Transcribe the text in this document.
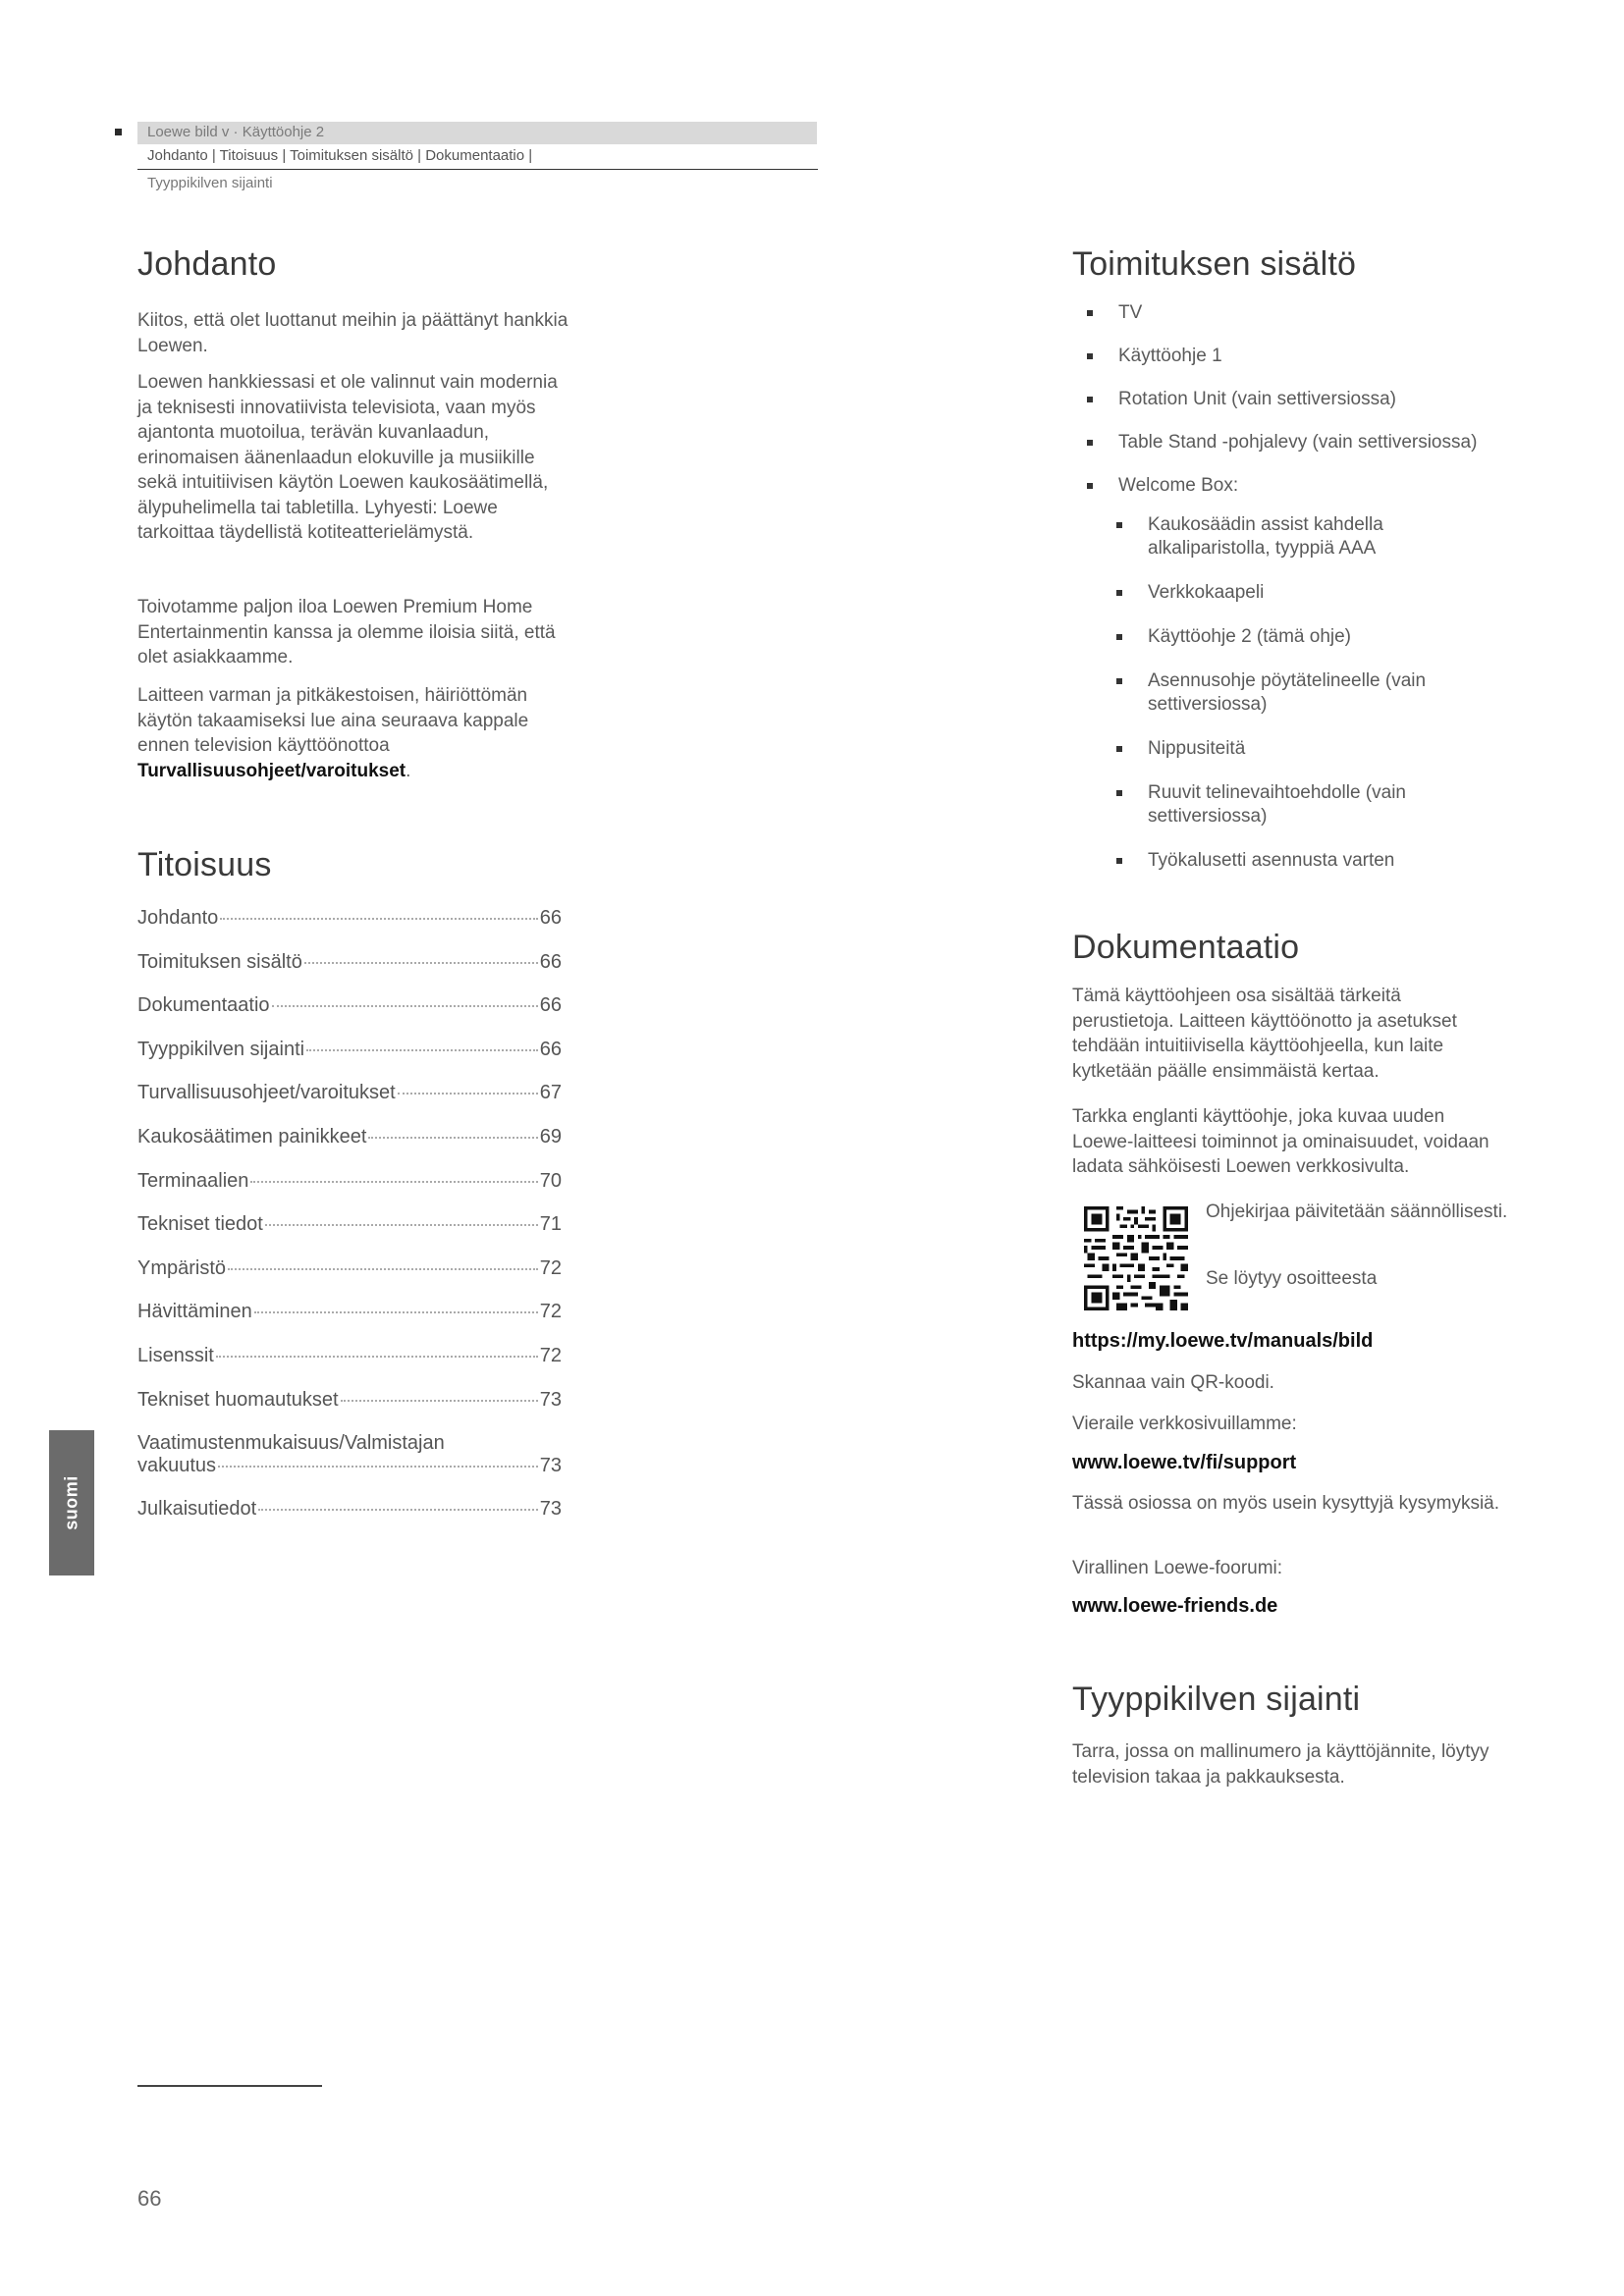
Loewe bild v · Käyttöohje 2
Johdanto | Titoisuus | Toimituksen sisältö | Dokumentaatio |
Tyyppikilven sijainti
Johdanto

Kiitos, että olet luottanut meihin ja päättänyt hankkia Loewen.

Loewen hankkiessasi et ole valinnut vain modernia ja teknisesti innovatiivista televisiota, vaan myös ajantonta muotoilua, terävän kuvanlaadun, erinomaisen äänenlaadun elokuville ja musiikille sekä intuitiivisen käytön Loewen kaukosäätimellä, älypuhelimella tai tabletilla. Lyhyesti: Loewe tarkoittaa täydellistä kotiteatterielämystä.

Toivotamme paljon iloa Loewen Premium Home Entertainmentin kanssa ja olemme iloisia siitä, että olet asiakkaamme.

Laitteen varman ja pitkäkestoisen, häiriöttömän käytön takaamiseksi lue aina seuraava kappale ennen television käyttöönottoa Turvallisuusohjeet/varoitukset.

Titoisuus
Johdanto	66
Toimituksen sisältö	66
Dokumentaatio	66
Tyyppikilven sijainti	66
Turvallisuusohjeet/varoitukset	67
Kaukosäätimen painikkeet	69
Terminaalien	70
Tekniset tiedot	71
Ympäristö	72
Hävittäminen	72
Lisenssit	72
Tekniset huomautukset	73
Vaatimustenmukaisuus/Valmistajan
vakuutus	73
Julkaisutiedot	73
Toimituksen sisältö
TV
Käyttöohje 1
Rotation Unit (vain settiversiossa)
Table Stand -pohjalevy (vain settiversiossa)
Welcome Box:
Kaukosäädin assist kahdella alkaliparistolla, tyyppiä AAA
Verkkokaapeli
Käyttöohje 2 (tämä ohje)
Asennusohje pöytätelineelle (vain settiversiossa)
Nippusiteitä
Ruuvit telinevaihtoehdolle (vain settiversiossa)
Työkalusetti asennusta varten
Dokumentaatio

Tämä käyttöohjeen osa sisältää tärkeitä perustietoja. Laitteen käyttöönotto ja asetukset tehdään intuitiivisella käyttöohjeella, kun laite kytketään päälle ensimmäistä kertaa.

Tarkka englanti käyttöohje, joka kuvaa uuden Loewe-laitteesi toiminnot ja ominaisuudet, voidaan ladata sähköisesti Loewen verkkosivulta.

Ohjekirjaa päivitetään säännöllisesti.

Se löytyy osoitteesta

https://my.loewe.tv/manuals/bild

Skannaa vain QR-koodi.

Vieraile verkkosivuillamme:

www.loewe.tv/fi/support

Tässä osiossa on myös usein kysyttyjä kysymyksiä.

Virallinen Loewe-foorumi:

www.loewe-friends.de

Tyyppikilven sijainti

Tarra, jossa on mallinumero ja käyttöjännite, löytyy television takaa ja pakkauksesta.

suomi
66
